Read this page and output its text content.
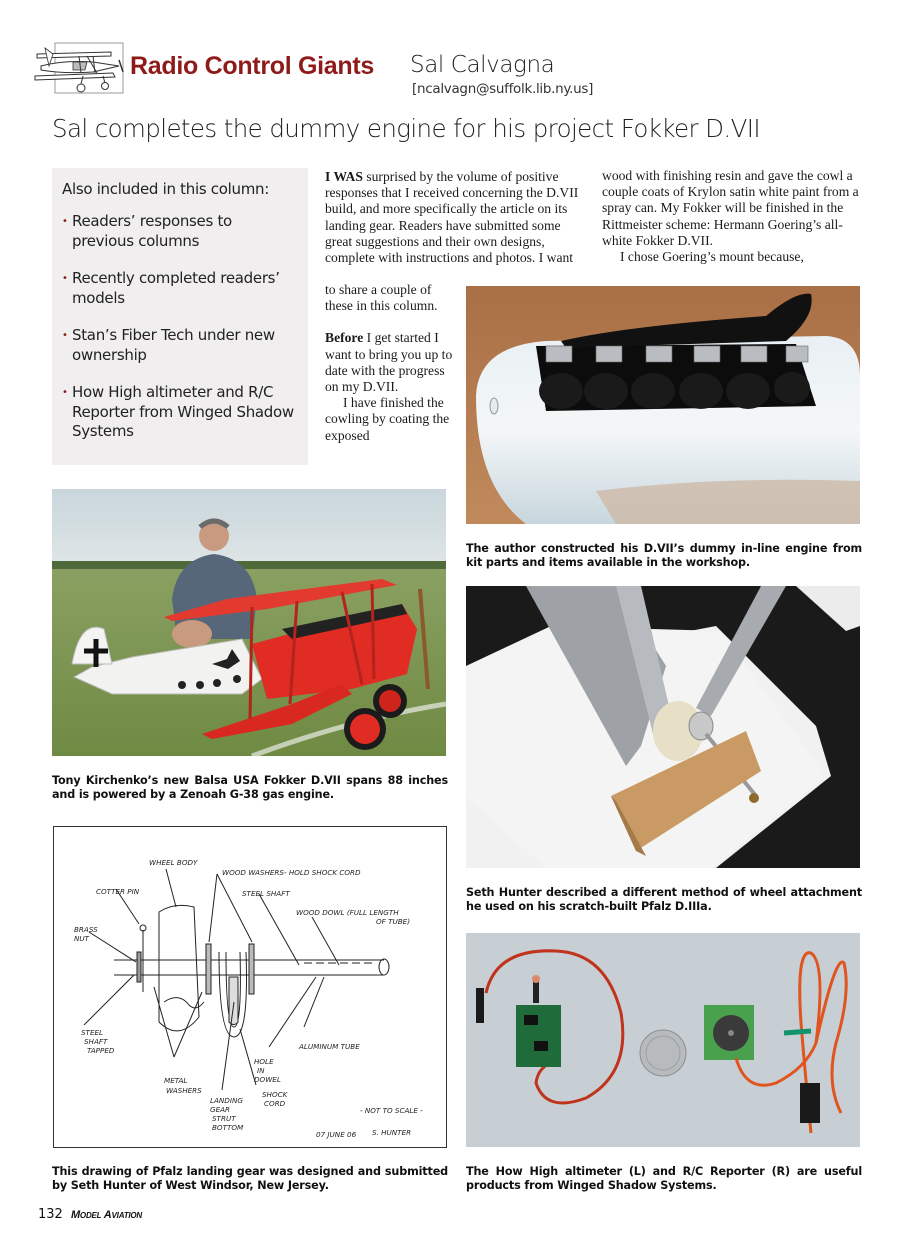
Radio Control Giants Sal Calvagna
[ncalvagn@suffolk.lib.ny.us]
Sal completes the dummy engine for his project Fokker D.VII
Also included in this column:
• Readers’ responses to previous columns
• Recently completed readers’ models
• Stan’s Fiber Tech under new ownership
• How High altimeter and R/C Reporter from Winged Shadow Systems

I WAS surprised by the volume of positive responses that I received concerning the D.VII build, and more specifically the article on its landing gear. Readers have submitted some great suggestions and their own designs, complete with instructions and photos. I want

to share a couple of these in this column.

Before I get started I want to bring you up to date with the progress on my D.VII.

I have finished the cowling by coating the exposed

wood with finishing resin and gave the cowl a couple coats of Krylon satin white paint from a spray can. My Fokker will be finished in the Rittmeister scheme: Hermann Goering’s all-white Fokker D.VII.

I chose Goering’s mount because,

The author constructed his D.VII’s dummy in-line engine from kit parts and items available in the workshop.
Tony Kirchenko’s new Balsa USA Fokker D.VII spans 88 inches and is powered by a Zenoah G-38 gas engine.
Seth Hunter described a different method of wheel attachment he used on his scratch-built Pfalz D.IIIa.
WHEEL BODY
WOOD WASHERS- HOLD SHOCK CORD
COTTER PIN	STEEL SHAFT
WOOD DOWL (FULL LENGTH
OF TUBE)
BRASS
NUT
STEEL
SHAFT
TAPPED	ALUMINUM TUBE
HOLE
IN
DOWEL
METAL
WASHERS
LANDING
GEAR
STRUT
BOTTOM
SHOCK
CORD
- NOT TO SCALE -
07 JUNE 06 S. HUNTER
This drawing of Pfalz landing gear was designed and submitted by Seth Hunter of West Windsor, New Jersey.
The How High altimeter (L) and R/C Reporter (R) are useful products from Winged Shadow Systems.
132 Model Aviation
